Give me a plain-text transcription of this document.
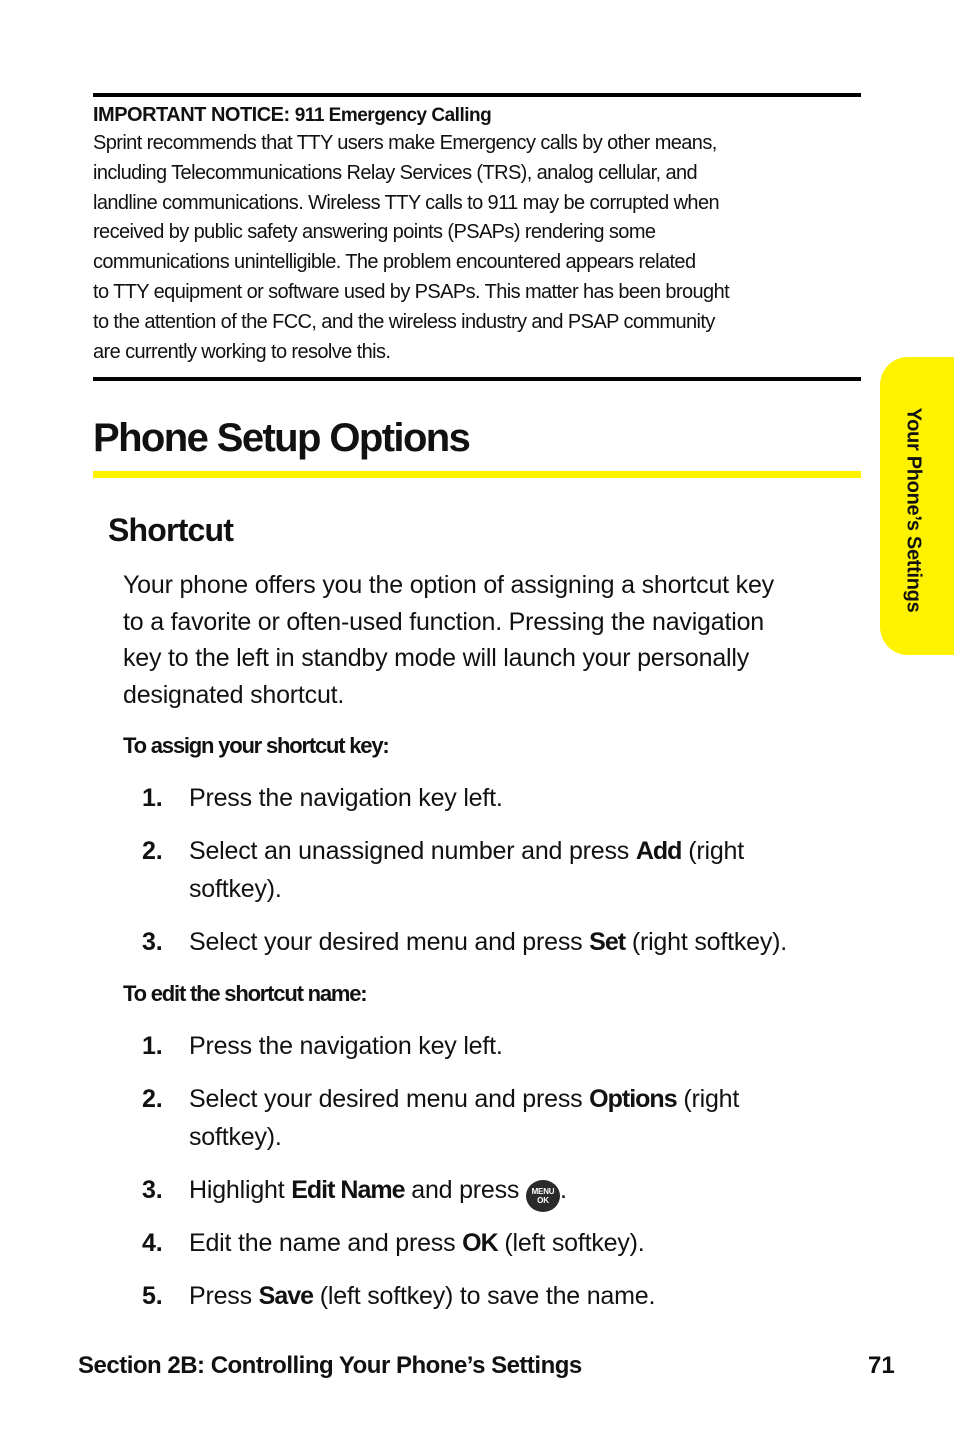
IMPORTANT NOTICE: 911 Emergency Calling
Sprint recommends that TTY users make Emergency calls by other means,
including Telecommunications Relay Services (TRS), analog cellular, and
landline communications. Wireless TTY calls to 911 may be corrupted when
received by public safety answering points (PSAPs) rendering some
communications unintelligible. The problem encountered appears related
to TTY equipment or software used by PSAPs. This matter has been brought
to the attention of the FCC, and the wireless industry and PSAP community
are currently working to resolve this.
Phone Setup Options
Shortcut
Your phone offers you the option of assigning a shortcut key
to a favorite or often-used function. Pressing the navigation
key to the left in standby mode will launch your personally
designated shortcut.
To assign your shortcut key:
1. Press the navigation key left.
2. Select an unassigned number and press Add (right
softkey).
3. Select your desired menu and press Set (right softkey).
To edit the shortcut name:
1. Press the navigation key left.
2. Select your desired menu and press Options (right
softkey).
3. Highlight Edit Name and press MENU
OK .
4. Edit the name and press OK (left softkey).
5. Press Save (left softkey) to save the name.
Your Phone’s Settings
Section 2B: Controlling Your Phone’s Settings	71
